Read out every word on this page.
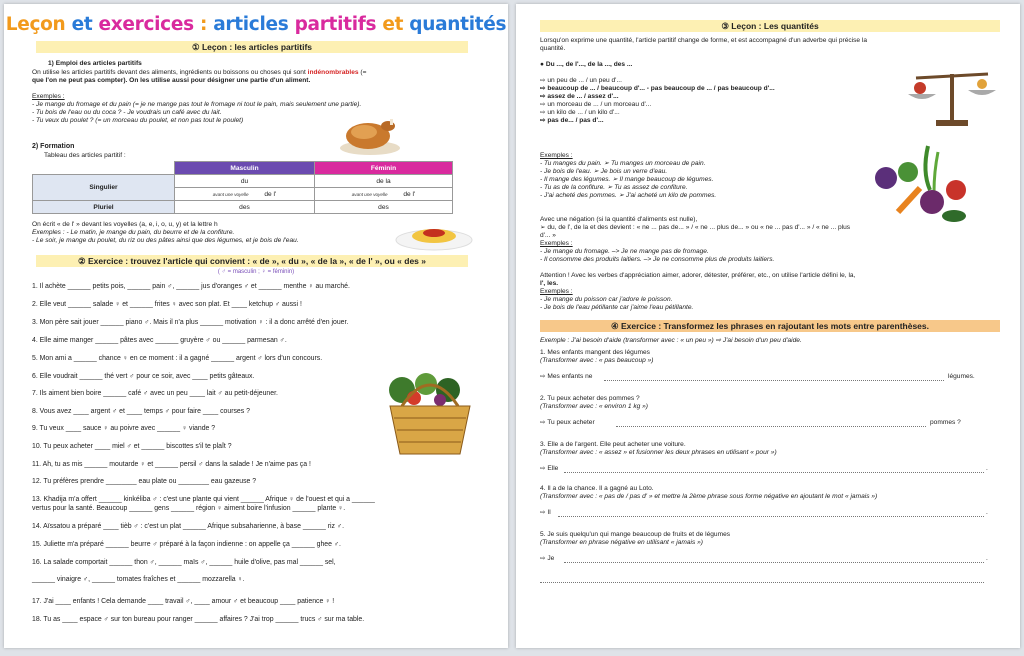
Leçon et exercices : articles partitifs et quantités
① Leçon : les articles partitifs
1) Emploi des articles partitifs
On utilise les articles partitifs devant des aliments, ingrédients ou boissons ou choses qui sont indénombrables (=
que l'on ne peut pas compter). On les utilise aussi pour désigner une partie d'un aliment.
Exemples :
- Je mange du fromage et du pain (= je ne mange pas tout le fromage ni tout le pain, mais seulement une partie).
- Tu bois de l'eau ou du coca ? - Je voudrais un café avec du lait.
- Tu veux du poulet ? (= un morceau du poulet, et non pas tout le poulet)
2) Formation
Tableau des articles partitif :
	Masculin	Féminin
Singulier	du	de la
	avant une voyelle de l'	avant une voyelle de l'
Pluriel	des	des
On écrit « de l' » devant les voyelles (a, e, i, o, u, y) et la lettre h
Exemples : - Le matin, je mange du pain, du beurre et de la confiture.
- Le soir, je mange du poulet, du riz ou des pâtes ainsi que des légumes, et je bois de l'eau.
② Exercice : trouvez l'article qui convient : « de », « du », « de la », « de l' », ou « des »
( ♂ = masculin ; ♀ = féminin)
1. Il achète ______ petits pois, ______ pain ♂, ______ jus d'oranges ♂ et ______ menthe ♀ au marché.
2. Elle veut ______ salade ♀ et ______ frites ♀ avec son plat. Et ____ ketchup ♂ aussi !
3. Mon père sait jouer ______ piano ♂. Mais il n'a plus ______ motivation ♀ : il a donc arrêté d'en jouer.
4. Elle aime manger ______ pâtes avec ______ gruyère ♂ ou ______ parmesan ♂.
5. Mon ami a ______ chance ♀ en ce moment : il a gagné ______ argent ♂ lors d'un concours.
6. Elle voudrait ______ thé vert ♂ pour ce soir, avec ____ petits gâteaux.
7. Ils aiment bien boire ______ café ♂ avec un peu ____ lait ♂ au petit-déjeuner.
8. Vous avez ____ argent ♂ et ____ temps ♂ pour faire ____ courses ?
9. Tu veux ____ sauce ♀ au poivre avec ______ ♀ viande ?
10. Tu peux acheter ____ miel ♂ et ______ biscottes s'il te plaît ?
11. Ah, tu as mis ______ moutarde ♀ et ______ persil ♂ dans la salade ! Je n'aime pas ça !
12. Tu préfères prendre ________ eau plate ou ________ eau gazeuse ?
13. Khadija m'a offert ______ kinkéliba ♂ : c'est une plante qui vient ______ Afrique ♀ de l'ouest et qui a ______
vertus pour la santé. Beaucoup ______ gens ______ région ♀ aiment boire l'infusion ______ plante ♀.
14. Aïssatou a préparé ____ tièb ♂ : c'est un plat ______ Afrique subsaharienne, à base ______ riz ♂.
15. Juliette m'a préparé ______ beurre ♂ préparé à la façon indienne : on appelle ça ______ ghee ♂.
16. La salade comportait ______ thon ♂, ______ maïs ♂, ______ huile d'olive, pas mal ______ sel,
______ vinaigre ♂, ______ tomates fraîches et ______ mozzarella ♀.
17. J'ai ____ enfants ! Cela demande ____ travail ♂, ____ amour ♂ et beaucoup ____ patience ♀ !
18. Tu as ____ espace ♂ sur ton bureau pour ranger ______ affaires ? J'ai trop ______ trucs ♂ sur ma table.
③ Leçon : Les quantités
Lorsqu'on exprime une quantité, l'article partitif change de forme, et est accompagné d'un adverbe qui précise la
quantité.
● Du ..., de l'..., de la ..., des ...
⇨ un peu de ... / un peu d'...
⇨ beaucoup de ... / beaucoup d'... - pas beaucoup de ... / pas beaucoup d'...
⇨ assez de ... / assez d'...
⇨ un morceau de ... / un morceau d'...
⇨ un kilo de ... / un kilo d'...
⇨ pas de... / pas d'...
Exemples :
- Tu manges du pain. ➢ Tu manges un morceau de pain.
- Je bois de l'eau. ➢ Je bois un verre d'eau.
- Il mange des légumes. ➢ Il mange beaucoup de légumes.
- Tu as de la confiture. ➢ Tu as assez de confiture.
- J'ai acheté des pommes. ➢ J'ai acheté un kilo de pommes.
Avec une négation (si la quantité d'aliments est nulle),
➢ du, de l', de la et des devient : « ne ... pas de... » / « ne ... plus de... » ou « ne ... pas d'... » / « ne ... plus
d'... »
Exemples :
- Je mange du fromage. –> Je ne mange pas de fromage.
- Il consomme des produits laitiers. –> Je ne consomme plus de produits laitiers.
Attention ! Avec les verbes d'appréciation aimer, adorer, détester, préférer, etc., on utilise l'article défini le, la,
l', les.
Exemples :
- Je mange du poisson car j'adore le poisson.
- Je bois de l'eau pétillante car j'aime l'eau pétillante.
④ Exercice : Transformez les phrases en rajoutant les mots entre parenthèses.
Exemple : J'ai besoin d'aide (transformer avec : « un peu ») ⇨ J'ai besoin d'un peu d'aide.
1. Mes enfants mangent des légumes
(Transformer avec : « pas beaucoup »)
⇨ Mes enfants ne	légumes.
2. Tu peux acheter des pommes ?
(Transformer avec : « environ 1 kg »)
⇨ Tu peux acheter	pommes ?
3. Elle a de l'argent. Elle peut acheter une voiture.
(Transformer avec : « assez » et fusionner les deux phrases en utilisant « pour »)
⇨ Elle	.
4. Il a de la chance. Il a gagné au Loto.
(Transformer avec : « pas de / pas d' » et mettre la 2ème phrase sous forme négative en ajoutant le mot « jamais »)
⇨ Il	.
5. Je suis quelqu'un qui mange beaucoup de fruits et de légumes
(Transformer en phrase négative en utilisant « jamais »)
⇨ Je	.
